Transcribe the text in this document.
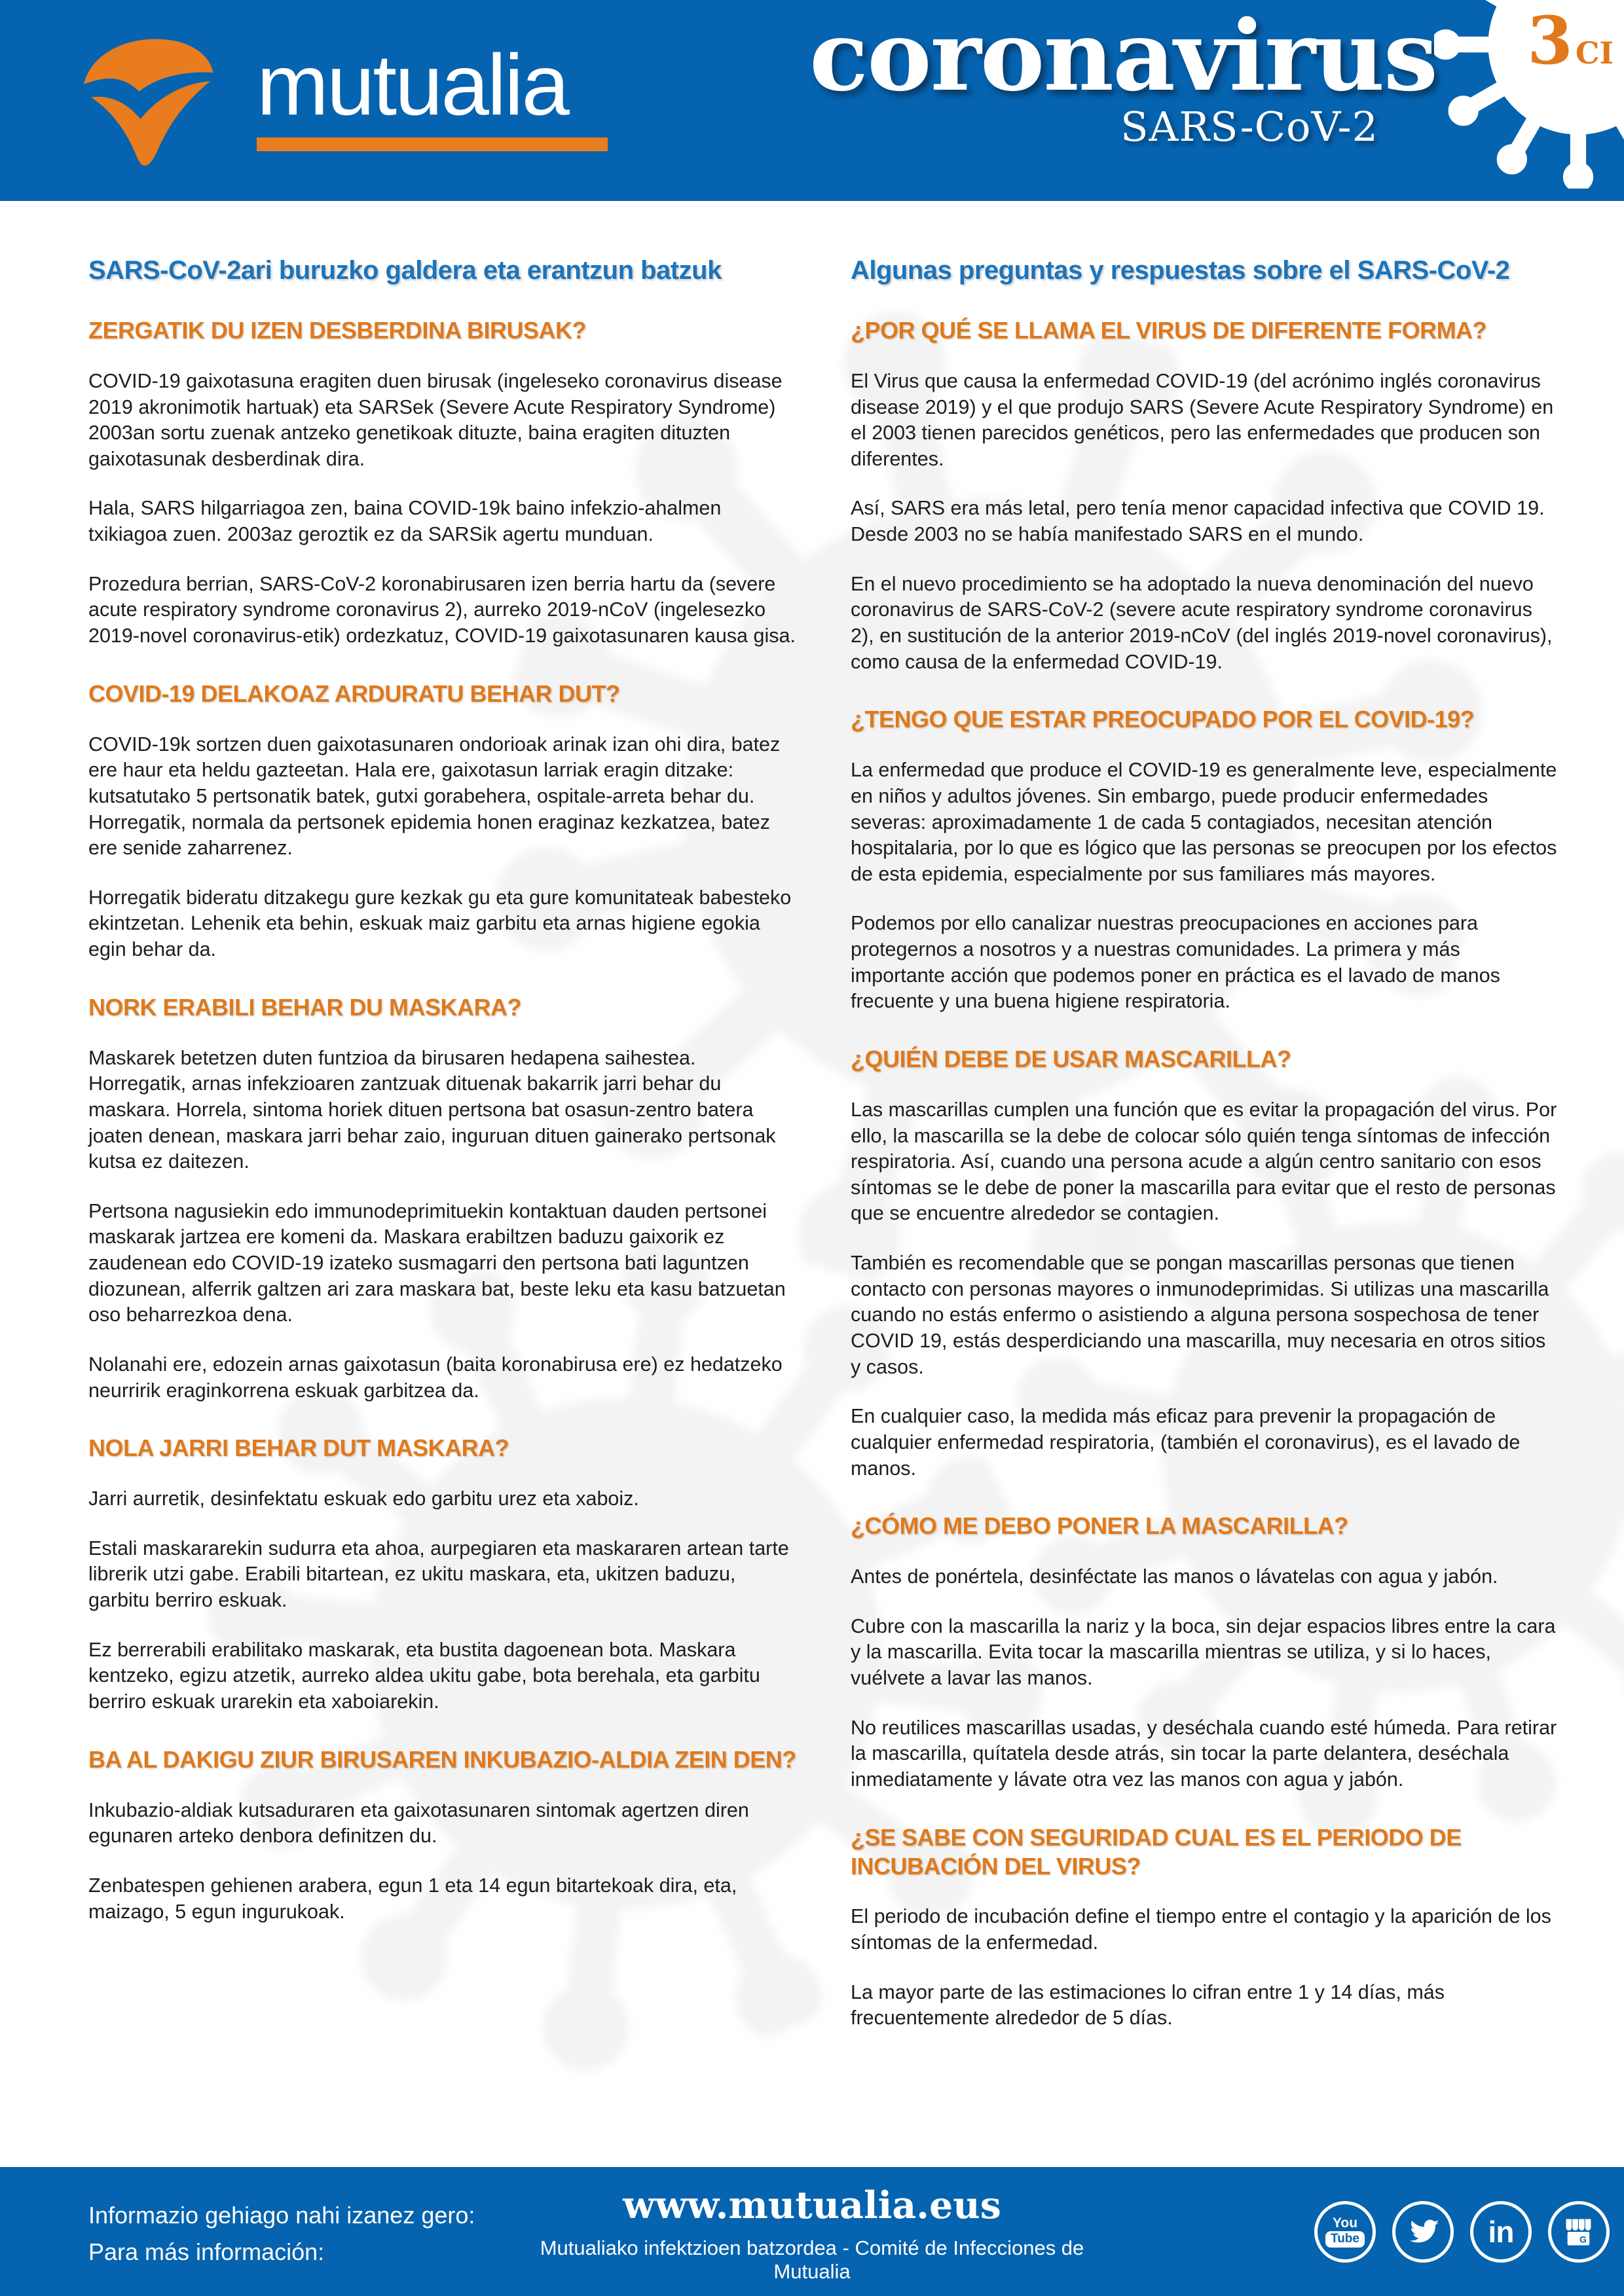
mutualia	coronavirus
SARS-CoV-2
3 CI
SARS-CoV-2ari buruzko galdera eta erantzun batzuk
ZERGATIK DU IZEN DESBERDINA BIRUSAK?

COVID-19 gaixotasuna eragiten duen birusak (ingeleseko coronavirus disease 2019 akronimotik hartuak) eta SARSek (Severe Acute Respiratory Syndrome) 2003an sortu zuenak antzeko genetikoak dituzte, baina eragiten dituzten gaixotasunak desberdinak dira.

Hala, SARS hilgarriagoa zen, baina COVID-19k baino infekzio-ahalmen txikiagoa zuen. 2003az geroztik ez da SARSik agertu munduan.

Prozedura berrian, SARS-CoV-2 koronabirusaren izen berria hartu da (severe acute respiratory syndrome coronavirus 2), aurreko 2019-nCoV (ingelesezko 2019-novel coronavirus-etik) ordezkatuz, COVID-19 gaixotasunaren kausa gisa.

COVID-19 DELAKOAZ ARDURATU BEHAR DUT?

COVID-19k sortzen duen gaixotasunaren ondorioak arinak izan ohi dira, batez ere haur eta heldu gazteetan. Hala ere, gaixotasun larriak eragin ditzake: kutsatutako 5 pertsonatik batek, gutxi gorabehera, ospitale-arreta behar du. Horregatik, normala da pertsonek epidemia honen eraginaz kezkatzea, batez ere senide zaharrenez.

Horregatik bideratu ditzakegu gure kezkak gu eta gure komunitateak babesteko ekintzetan. Lehenik eta behin, eskuak maiz garbitu eta arnas higiene egokia egin behar da.

NORK ERABILI BEHAR DU MASKARA?

Maskarek betetzen duten funtzioa da birusaren hedapena saihestea. Horregatik, arnas infekzioaren zantzuak dituenak bakarrik jarri behar du maskara. Horrela, sintoma horiek dituen pertsona bat osasun-zentro batera joaten denean, maskara jarri behar zaio, inguruan dituen gainerako pertsonak kutsa ez daitezen.

Pertsona nagusiekin edo immunodeprimituekin kontaktuan dauden pertsonei maskarak jartzea ere komeni da. Maskara erabiltzen baduzu gaixorik ez zaudenean edo COVID-19 izateko susmagarri den pertsona bati laguntzen diozunean, alferrik galtzen ari zara maskara bat, beste leku eta kasu batzuetan oso beharrezkoa dena.

Nolanahi ere, edozein arnas gaixotasun (baita koronabirusa ere) ez hedatzeko neurririk eraginkorrena eskuak garbitzea da.

NOLA JARRI BEHAR DUT MASKARA?

Jarri aurretik, desinfektatu eskuak edo garbitu urez eta xaboiz.

Estali maskararekin sudurra eta ahoa, aurpegiaren eta maskararen artean tarte librerik utzi gabe. Erabili bitartean, ez ukitu maskara, eta, ukitzen baduzu, garbitu berriro eskuak.

Ez berrerabili erabilitako maskarak, eta bustita dagoenean bota. Maskara kentzeko, egizu atzetik, aurreko aldea ukitu gabe, bota berehala, eta garbitu berriro eskuak urarekin eta xaboiarekin.

BA AL DAKIGU ZIUR BIRUSAREN INKUBAZIO-ALDIA ZEIN DEN?

Inkubazio-aldiak kutsaduraren eta gaixotasunaren sintomak agertzen diren egunaren arteko denbora definitzen du.

Zenbatespen gehienen arabera, egun 1 eta 14 egun bitartekoak dira, eta, maizago, 5 egun ingurukoak.

Algunas preguntas y respuestas sobre el SARS-CoV-2
¿POR QUÉ SE LLAMA EL VIRUS DE DIFERENTE FORMA?

El Virus que causa la enfermedad COVID-19 (del acrónimo inglés coronavirus disease 2019) y el que produjo SARS (Severe Acute Respiratory Syndrome) en el 2003 tienen parecidos genéticos, pero las enfermedades que producen son diferentes.

Así, SARS era más letal, pero tenía menor capacidad infectiva que COVID 19. Desde 2003 no se había manifestado SARS en el mundo.

En el nuevo procedimiento se ha adoptado la nueva denominación del nuevo coronavirus de SARS-CoV-2 (severe acute respiratory syndrome coronavirus 2), en sustitución de la anterior 2019-nCoV (del inglés 2019-novel coronavirus), como causa de la enfermedad COVID-19.

¿TENGO QUE ESTAR PREOCUPADO POR EL COVID-19?

La enfermedad que produce el COVID-19 es generalmente leve, especialmente en niños y adultos jóvenes. Sin embargo, puede producir enfermedades severas: aproximadamente 1 de cada 5 contagiados, necesitan atención hospitalaria, por lo que es lógico que las personas se preocupen por los efectos de esta epidemia, especialmente por sus familiares más mayores.

Podemos por ello canalizar nuestras preocupaciones en acciones para protegernos a nosotros y a nuestras comunidades. La primera y más importante acción que podemos poner en práctica es el lavado de manos frecuente y una buena higiene respiratoria.

¿QUIÉN DEBE DE USAR MASCARILLA?

Las mascarillas cumplen una función que es evitar la propagación del virus. Por ello, la mascarilla se la debe de colocar sólo quién tenga síntomas de infección respiratoria. Así, cuando una persona acude a algún centro sanitario con esos síntomas se le debe de poner la mascarilla para evitar que el resto de personas que se encuentre alrededor se contagien.

También es recomendable que se pongan mascarillas personas que tienen contacto con personas mayores o inmunodeprimidas. Si utilizas una mascarilla cuando no estás enfermo o asistiendo a alguna persona sospechosa de tener COVID 19, estás desperdiciando una mascarilla, muy necesaria en otros sitios y casos.

En cualquier caso, la medida más eficaz para prevenir la propagación de cualquier enfermedad respiratoria, (también el coronavirus), es el lavado de manos.

¿CÓMO ME DEBO PONER LA MASCARILLA?

Antes de ponértela, desinféctate las manos o lávatelas con agua y jabón.

Cubre con la mascarilla la nariz y la boca, sin dejar espacios libres entre la cara y la mascarilla. Evita tocar la mascarilla mientras se utiliza, y si lo haces, vuélvete a lavar las manos.

No reutilices mascarillas usadas, y deséchala cuando esté húmeda. Para retirar la mascarilla, quítatela desde atrás, sin tocar la parte delantera, deséchala inmediatamente y lávate otra vez las manos con agua y jabón.

¿SE SABE CON SEGURIDAD CUAL ES EL PERIODO DE INCUBACIÓN DEL VIRUS?

El periodo de incubación define el tiempo entre el contagio y la aparición de los síntomas de la enfermedad.

La mayor parte de las estimaciones lo cifran entre 1 y 14 días, más frecuentemente alrededor de 5 días.

Informazio gehiago nahi izanez gero:
Para más información:
www.mutualia.eus
Mutualiako infektzioen batzordea - Comité de Infecciones de Mutualia
You
Tube	in	G
